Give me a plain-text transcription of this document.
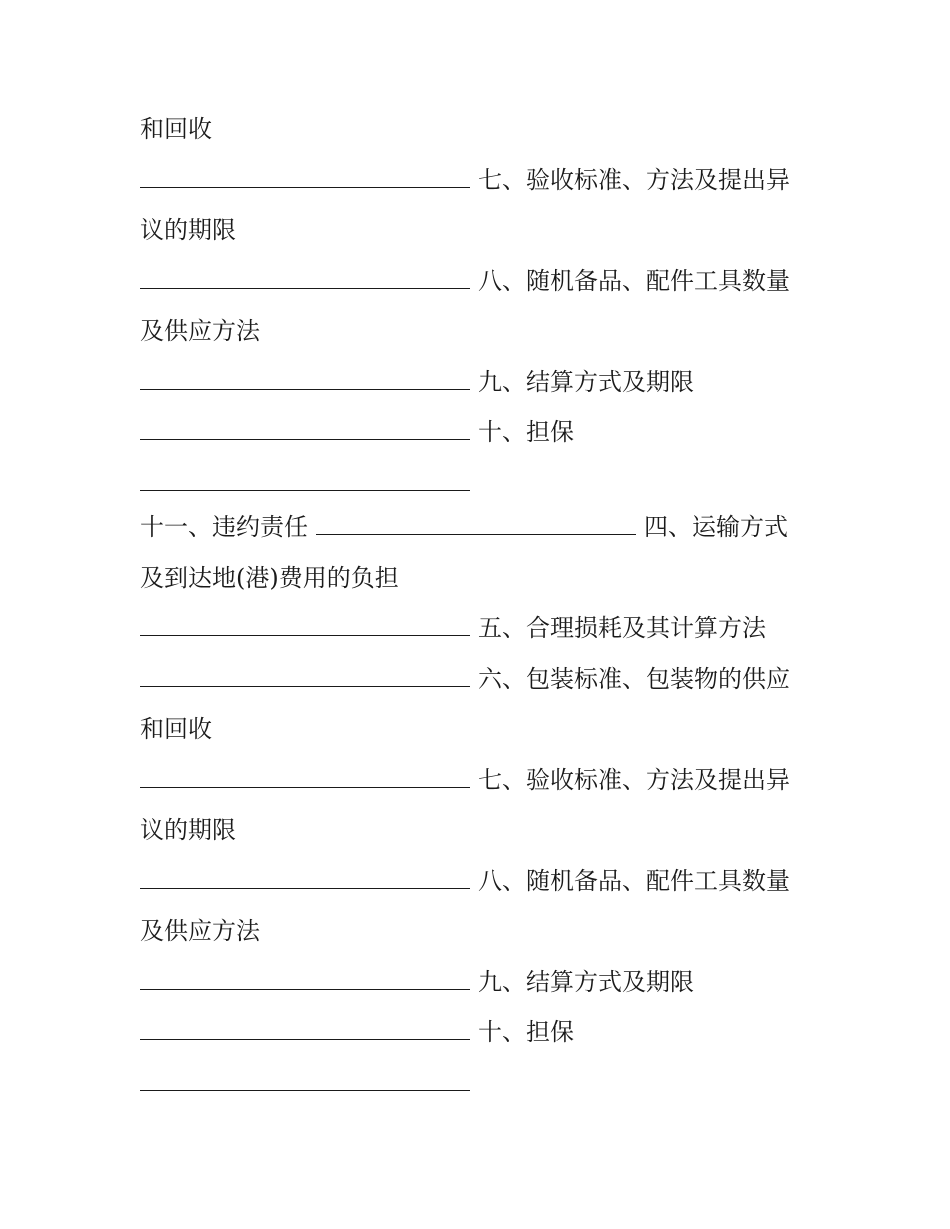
和回收
七、验收标准、方法及提出异
议的期限
八、随机备品、配件工具数量
及供应方法
九、结算方式及期限
十、担保
十一、违约责任	四、运输方式
及到达地(港)费用的负担
五、合理损耗及其计算方法
六、包装标准、包装物的供应
和回收
七、验收标准、方法及提出异
议的期限
八、随机备品、配件工具数量
及供应方法
九、结算方式及期限
十、担保
